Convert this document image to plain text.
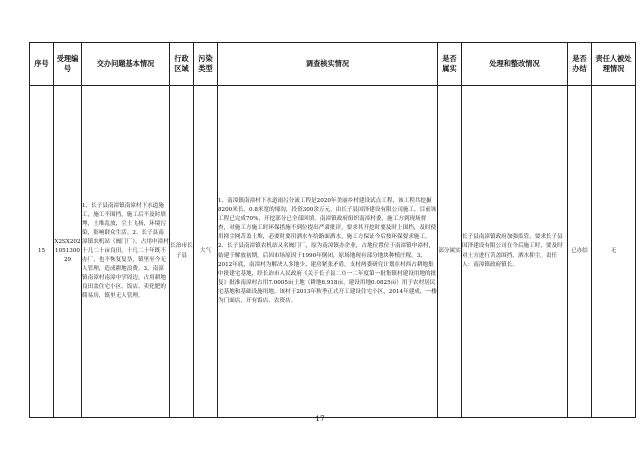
序号	受理编号	交办问题基本情况	行政区域	污染类型	调查核实情况	是否属实	处理和整改情况	是否办结	责任人被处理情况
15	X2SX202105130029	1、长子县南漳镇南漳村下水道施工，施工不围挡，施工后不及时填埋，土堆乱放，尘土飞扬，环境污染，影响群众生活。2、长子县南漳镇农机站（阀门厂），占用申漳村十几二十亩良田，十几二十年既不办厂，也不恢复复垦，镇里至今无人管理，造成耕地浪费。3、南漳镇南漳村南漳中学周边，占用耕地良田盖住宅小区、饭店、卖化肥的简易房，镇里无人管理。	长治市长子县	大气	1、南漳镇南漳村下水道雨污分流工程是2020年美丽乡村建设试点工程，该工程共挖掘8200米长、0.8米宽的壕沟，投资300余万元，由长子县国泽建设有限公司施工，目前该工程已完成70%，开挖部分已全部回填。南漳镇政府组织南漳村委，施工方到现场督查，对施工方施工时环保措施不到位提出严肃批评，要求其开挖时要及时上围挡，及时使用抑尘网苫盖土堆，必要时要用洒水车给路面洒水，施工方保证今后按环保要求施工。2、长子县南漳镇农机站又名阀门厂，原为南漳镇办企业，占地位置位于南漳镇申漳村，始建于解放初期，后因市场原因于1990年倒闭，原场地现有部分地块种植庄稼。3、2012年底，南漳村为解决人多地少、建房紧张矛盾，支村两委研究计划在村西占耕地集中批建宅基地，经长治市人民政府《关于长子县二０一二年度第一批集镇村建设用地的批复》批准南漳村占用7.0005亩土地（耕地6.918亩，建设用地0.0825亩）用于农村居民宅基地和基础设施用地，该村于2013年秋季正式开工建设住宅小区，2014年建成，一楼为门面店，开有饭店、农资店。	部分属实	长子县南漳镇政府加强监管，要求长子县国泽建设有限公司在今后施工时，要及时对土方进行苫盖围挡、洒水抑尘。责任人：南漳镇政府镇长。	已办结	无
17
